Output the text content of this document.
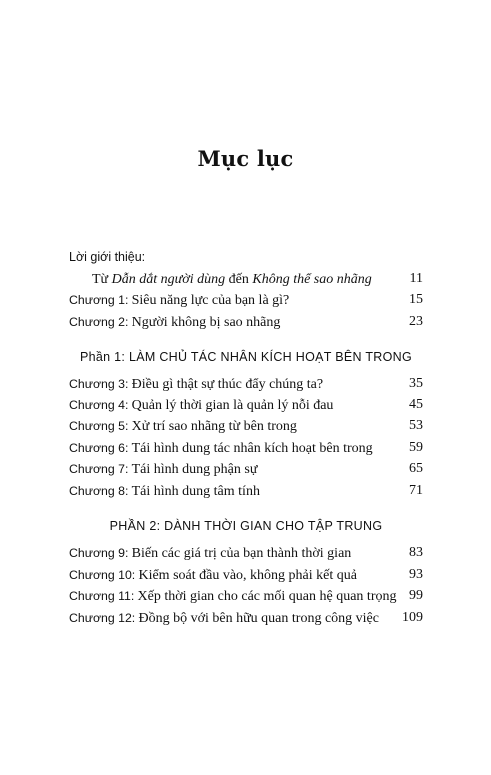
Mục lục
Lời giới thiệu:
Từ Dẫn dắt người dùng đến Không thể sao nhãng	11
Chương 1: Siêu năng lực của bạn là gì?	15
Chương 2: Người không bị sao nhãng	23
Phần 1: LÀM CHỦ TÁC NHÂN KÍCH HOẠT BÊN TRONG
Chương 3: Điều gì thật sự thúc đẩy chúng ta?	35
Chương 4: Quản lý thời gian là quản lý nỗi đau	45
Chương 5: Xử trí sao nhãng từ bên trong	53
Chương 6: Tái hình dung tác nhân kích hoạt bên trong	59
Chương 7: Tái hình dung phận sự	65
Chương 8: Tái hình dung tâm tính	71
PHẦN 2: DÀNH THỜI GIAN CHO TẬP TRUNG
Chương 9: Biến các giá trị của bạn thành thời gian	83
Chương 10: Kiểm soát đầu vào, không phải kết quả	93
Chương 11: Xếp thời gian cho các mối quan hệ quan trọng 99
Chương 12: Đồng bộ với bên hữu quan trong công việc 109
